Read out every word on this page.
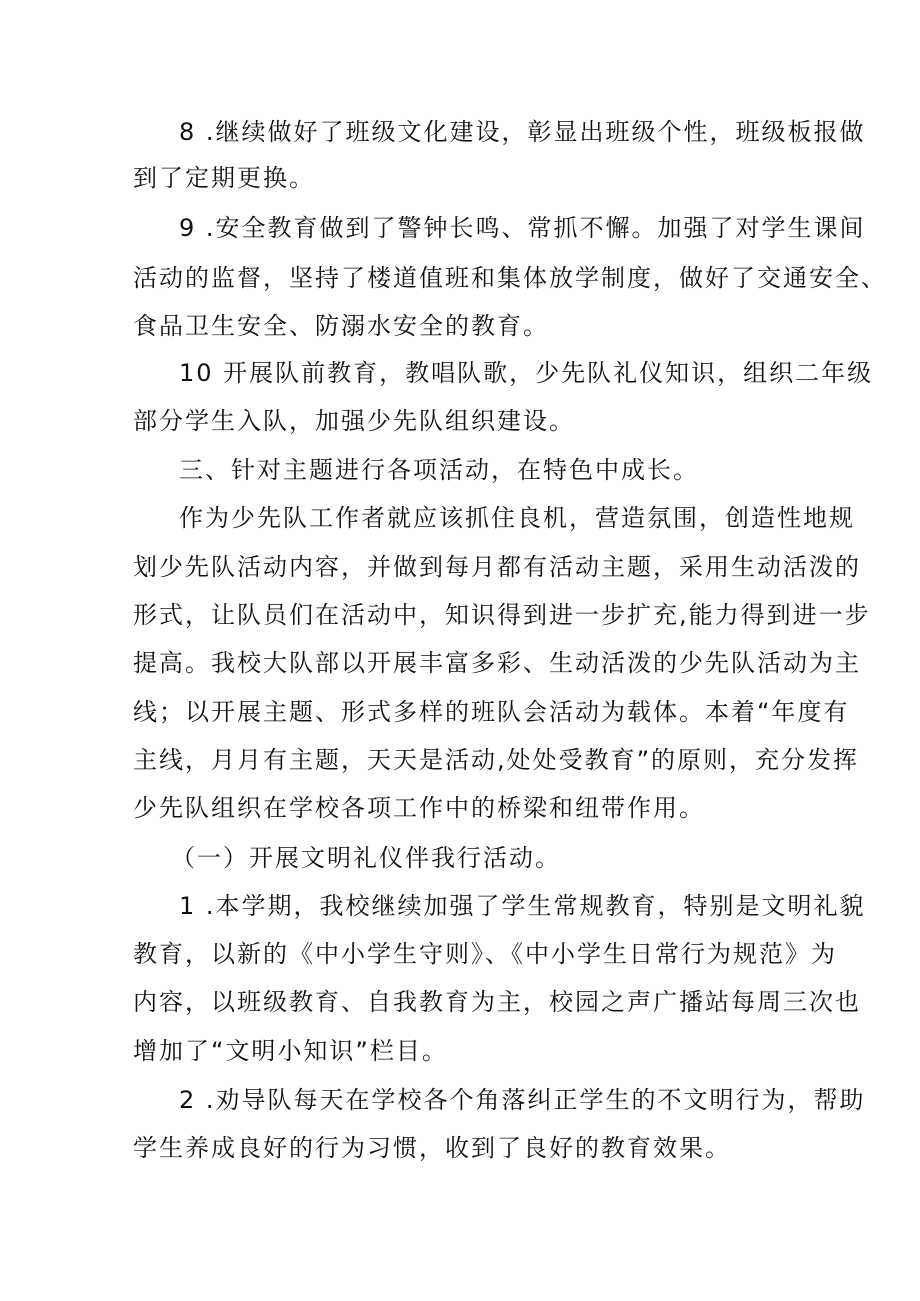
8 .继续做好了班级文化建设，彰显出班级个性，班级板报做
到了定期更换。
9 .安全教育做到了警钟长鸣、常抓不懈。加强了对学生课间
活动的监督，坚持了楼道值班和集体放学制度，做好了交通安全、
食品卫生安全、防溺水安全的教育。
10 开展队前教育，教唱队歌，少先队礼仪知识，组织二年级
部分学生入队，加强少先队组织建设。
三、针对主题进行各项活动，在特色中成长。
作为少先队工作者就应该抓住良机，营造氛围，创造性地规
划少先队活动内容，并做到每月都有活动主题，采用生动活泼的
形式，让队员们在活动中，知识得到进一步扩充,能力得到进一步
提高。我校大队部以开展丰富多彩、生动活泼的少先队活动为主
线；以开展主题、形式多样的班队会活动为载体。本着“年度有
主线，月月有主题，天天是活动,处处受教育”的原则，充分发挥
少先队组织在学校各项工作中的桥梁和纽带作用。
（一）开展文明礼仪伴我行活动。
1 .本学期，我校继续加强了学生常规教育，特别是文明礼貌
教育，以新的《中小学生守则》、《中小学生日常行为规范》为
内容，以班级教育、自我教育为主，校园之声广播站每周三次也
增加了“文明小知识”栏目。
2 .劝导队每天在学校各个角落纠正学生的不文明行为，帮助
学生养成良好的行为习惯，收到了良好的教育效果。
